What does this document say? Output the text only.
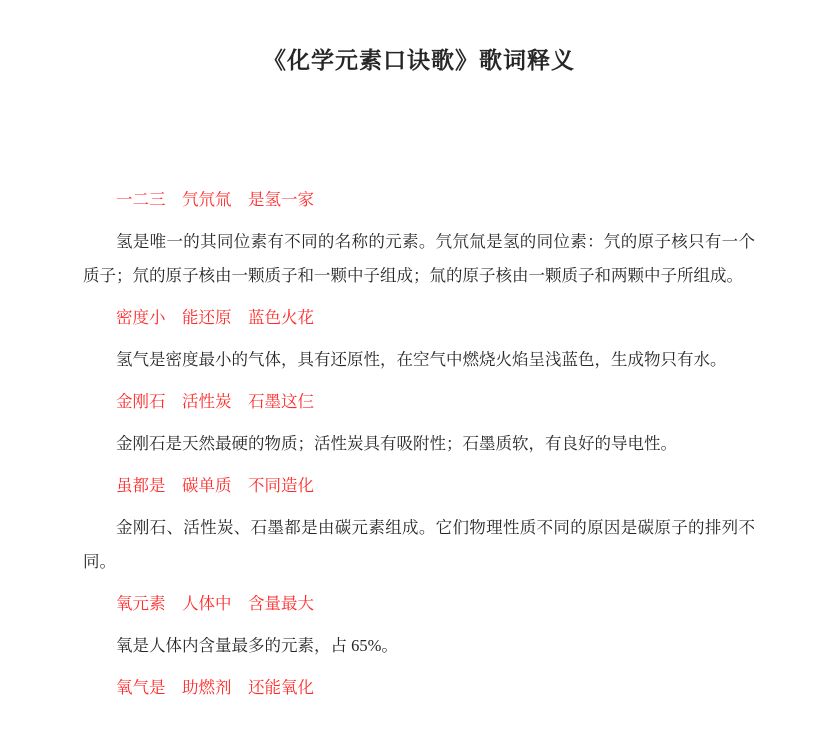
《化学元素口诀歌》歌词释义

一二三　氕氘氚　是氢一家

氢是唯一的其同位素有不同的名称的元素。氕氘氚是氢的同位素：氕的原子核只有一个质子；氘的原子核由一颗质子和一颗中子组成；氚的原子核由一颗质子和两颗中子所组成。

密度小　能还原　蓝色火花

氢气是密度最小的气体，具有还原性，在空气中燃烧火焰呈浅蓝色，生成物只有水。

金刚石　活性炭　石墨这仨

金刚石是天然最硬的物质；活性炭具有吸附性；石墨质软，有良好的导电性。

虽都是　碳单质　不同造化

金刚石、活性炭、石墨都是由碳元素组成。它们物理性质不同的原因是碳原子的排列不同。

氧元素　人体中　含量最大

氧是人体内含量最多的元素，占 65%。

氧气是　助燃剂　还能氧化
